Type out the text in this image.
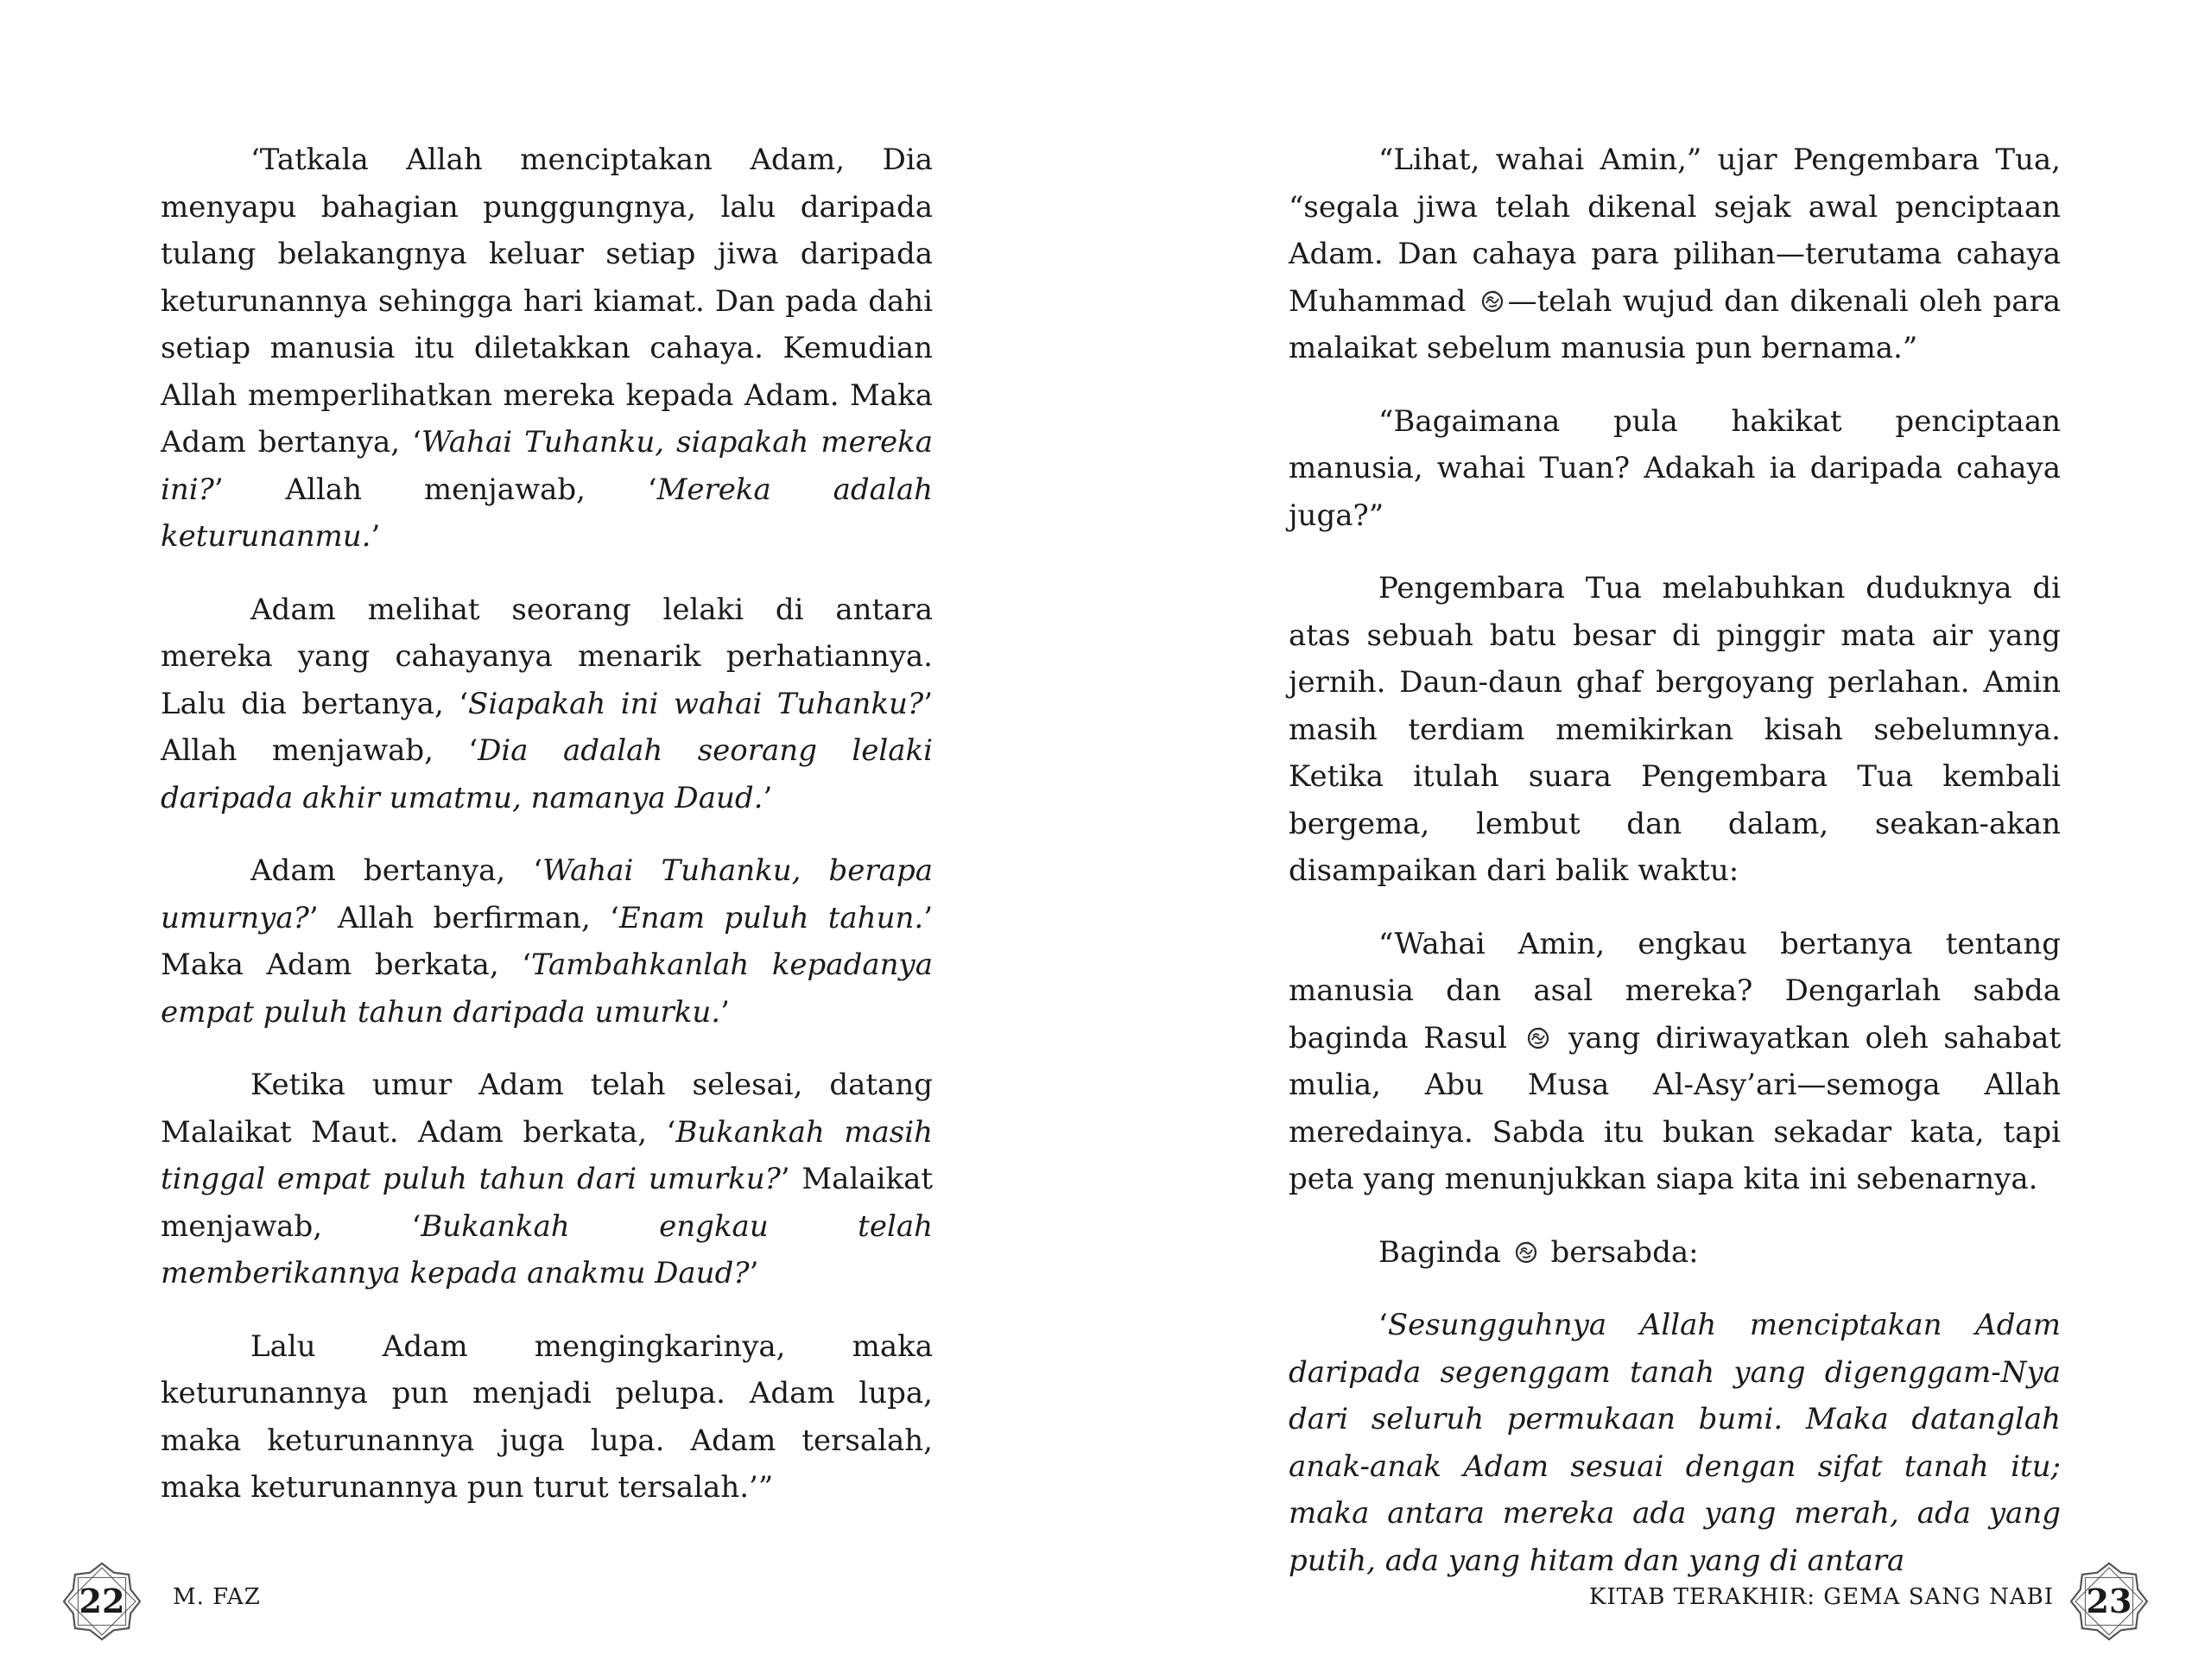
‘Tatkala Allah menciptakan Adam, Dia menyapu bahagian punggungnya, lalu daripada tulang belakangnya keluar setiap jiwa daripada keturunannya sehingga hari kiamat. Dan pada dahi setiap manusia itu diletakkan cahaya. Kemudian Allah memperlihatkan mereka kepada Adam. Maka Adam bertanya, ‘Wahai Tuhanku, siapakah mereka ini?’ Allah menjawab, ‘Mereka adalah keturunanmu.’

Adam melihat seorang lelaki di antara mereka yang cahayanya menarik perhatiannya. Lalu dia bertanya, ‘Siapakah ini wahai Tuhanku?’ Allah menjawab, ‘Dia adalah seorang lelaki daripada akhir umatmu, namanya Daud.’

Adam bertanya, ‘Wahai Tuhanku, berapa umurnya?’ Allah berfirman, ‘Enam puluh tahun.’ Maka Adam berkata, ‘Tambahkanlah kepadanya empat puluh tahun daripada umurku.’

Ketika umur Adam telah selesai, datang Malaikat Maut. Adam berkata, ‘Bukankah masih tinggal empat puluh tahun dari umurku?’ Malaikat menjawab, ‘Bukankah engkau telah memberikannya kepada anakmu Daud?’

Lalu Adam mengingkarinya, maka keturunannya pun menjadi pelupa. Adam lupa, maka keturunannya juga lupa. Adam tersalah, maka keturunannya pun turut tersalah.’”

22	M. FAZ

“Lihat, wahai Amin,” ujar Pengembara Tua, “segala jiwa telah dikenal sejak awal penciptaan Adam. Dan cahaya para pilihan—terutama cahaya Muhammad —telah wujud dan dikenali oleh para malaikat sebelum manusia pun bernama.”

“Bagaimana pula hakikat penciptaan manusia, wahai Tuan? Adakah ia daripada cahaya juga?”

Pengembara Tua melabuhkan duduknya di atas sebuah batu besar di pinggir mata air yang jernih. Daun-daun ghaf bergoyang perlahan. Amin masih terdiam memikirkan kisah sebelumnya. Ketika itulah suara Pengembara Tua kembali bergema, lembut dan dalam, seakan-akan disampaikan dari balik waktu:

“Wahai Amin, engkau bertanya tentang manusia dan asal mereka? Dengarlah sabda baginda Rasul  yang diriwayatkan oleh sahabat mulia, Abu Musa Al-Asy’ari—semoga Allah meredainya. Sabda itu bukan sekadar kata, tapi peta yang menunjukkan siapa kita ini sebenarnya.

Baginda  bersabda:

‘Sesungguhnya Allah menciptakan Adam daripada segenggam tanah yang digenggam-Nya dari seluruh permukaan bumi. Maka datanglah anak-anak Adam sesuai dengan sifat tanah itu; maka antara mereka ada yang merah, ada yang putih, ada yang hitam dan yang di antara

KITAB TERAKHIR: GEMA SANG NABI 23
